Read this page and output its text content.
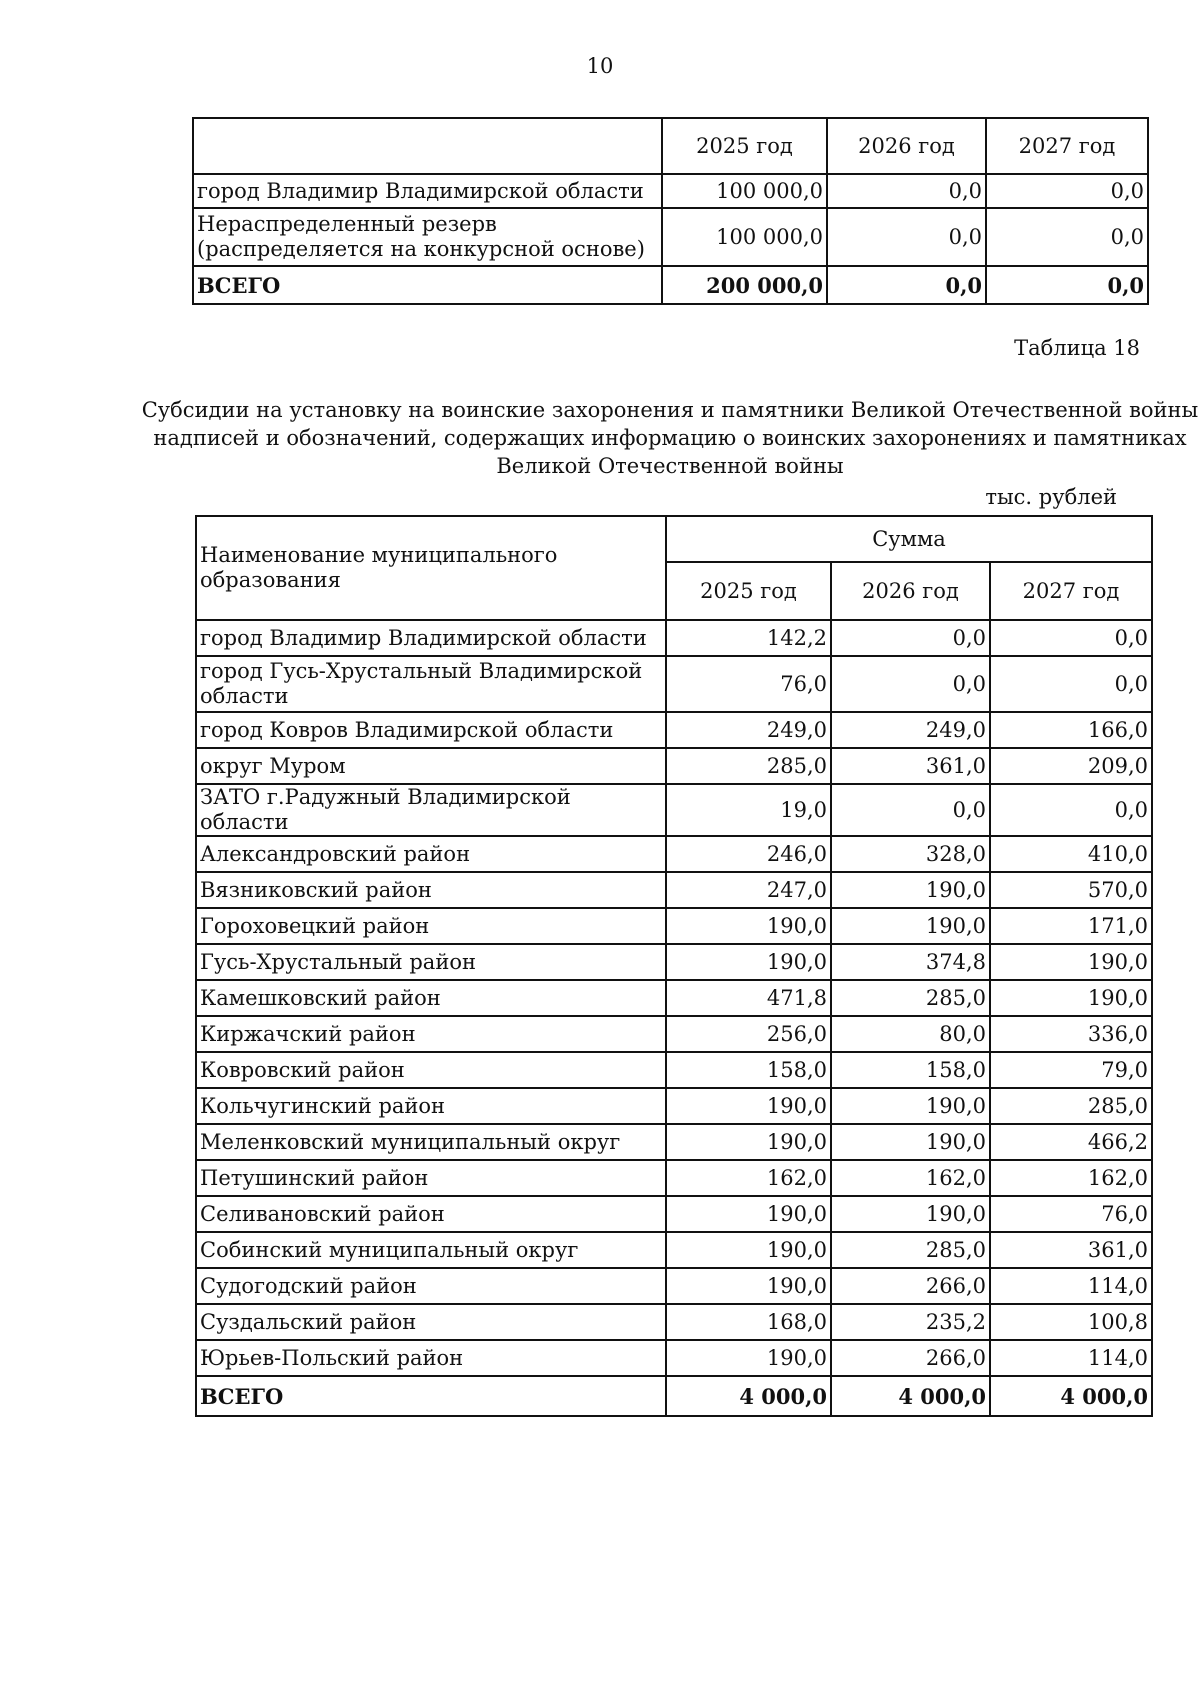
10
	2025 год	2026 год	2027 год
город Владимир Владимирской области	100 000,0	0,0	0,0
Нераспределенный резерв (распределяется на конкурсной основе)	100 000,0	0,0	0,0
ВСЕГО	200 000,0	0,0	0,0
Таблица 18
Субсидии на установку на воинские захоронения и памятники Великой Отечественной войны надписей и обозначений, содержащих информацию о воинских захоронениях и памятниках Великой Отечественной войны
тыс. рублей
Наименование муниципального образования	Сумма		
	2025 год	2026 год	2027 год
город Владимир Владимирской области	142,2	0,0	0,0
город Гусь-Хрустальный Владимирской области	76,0	0,0	0,0
город Ковров Владимирской области	249,0	249,0	166,0
округ Муром	285,0	361,0	209,0
ЗАТО г.Радужный Владимирской области	19,0	0,0	0,0
Александровский район	246,0	328,0	410,0
Вязниковский район	247,0	190,0	570,0
Гороховецкий район	190,0	190,0	171,0
Гусь-Хрустальный район	190,0	374,8	190,0
Камешковский район	471,8	285,0	190,0
Киржачский район	256,0	80,0	336,0
Ковровский район	158,0	158,0	79,0
Кольчугинский район	190,0	190,0	285,0
Меленковский муниципальный округ	190,0	190,0	466,2
Петушинский район	162,0	162,0	162,0
Селивановский район	190,0	190,0	76,0
Собинский муниципальный округ	190,0	285,0	361,0
Судогодский район	190,0	266,0	114,0
Суздальский район	168,0	235,2	100,8
Юрьев-Польский район	190,0	266,0	114,0
ВСЕГО	4 000,0	4 000,0	4 000,0
